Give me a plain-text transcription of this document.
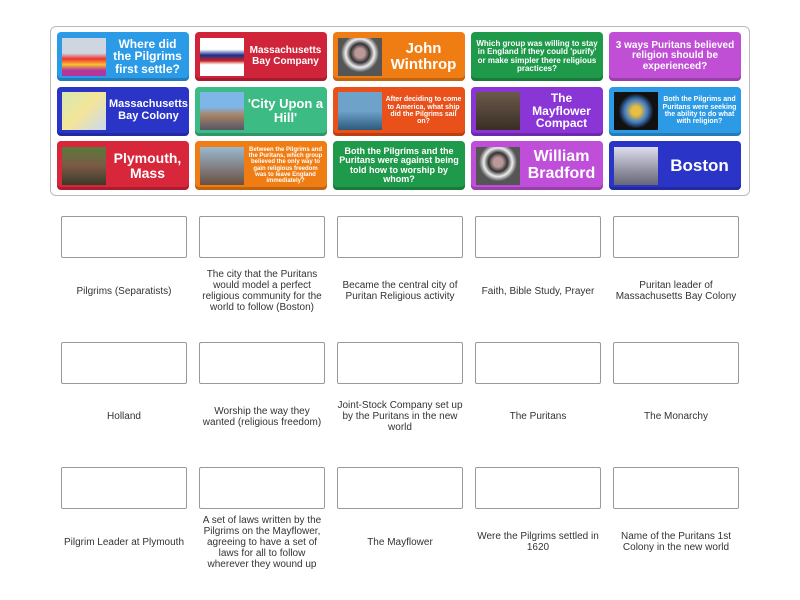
Where did the Pilgrims first settle?
Massachusetts Bay Company
John Winthrop
Which group was willing to stay in England if they could 'purify' or make simpler there religious practices?
3 ways Puritans believed religion should be experienced?
Massachusetts Bay Colony
'City Upon a Hill'
After deciding to come to America, what ship did the Pilgrims sail on?
The Mayflower Compact
Both the Pilgrims and Puritans were seeking the ability to do what with religion?
Plymouth, Mass
Between the Pilgrims and the Puritans, which group believed the only way to gain religious freedom was to leave England immediately?
Both the Pilgrims and the Puritans were against being told how to worship by whom?
William Bradford	Boston
Pilgrims (Separatists)
The city that the Puritans would model a perfect religious community for the world to follow (Boston)
Became the central city of Puritan Religious activity	Faith, Bible Study, Prayer	Puritan leader of Massachusetts Bay Colony
Holland	Worship the way they wanted (religious freedom)
Joint-Stock Company set up by the Puritans in the new world
The Puritans	The Monarchy
Pilgrim Leader at Plymouth
A set of laws written by the Pilgrims on the Mayflower, agreeing to have a set of laws for all to follow wherever they wound up
The Mayflower	Were the Pilgrims settled in 1620
Name of the Puritans 1st Colony in the new world
